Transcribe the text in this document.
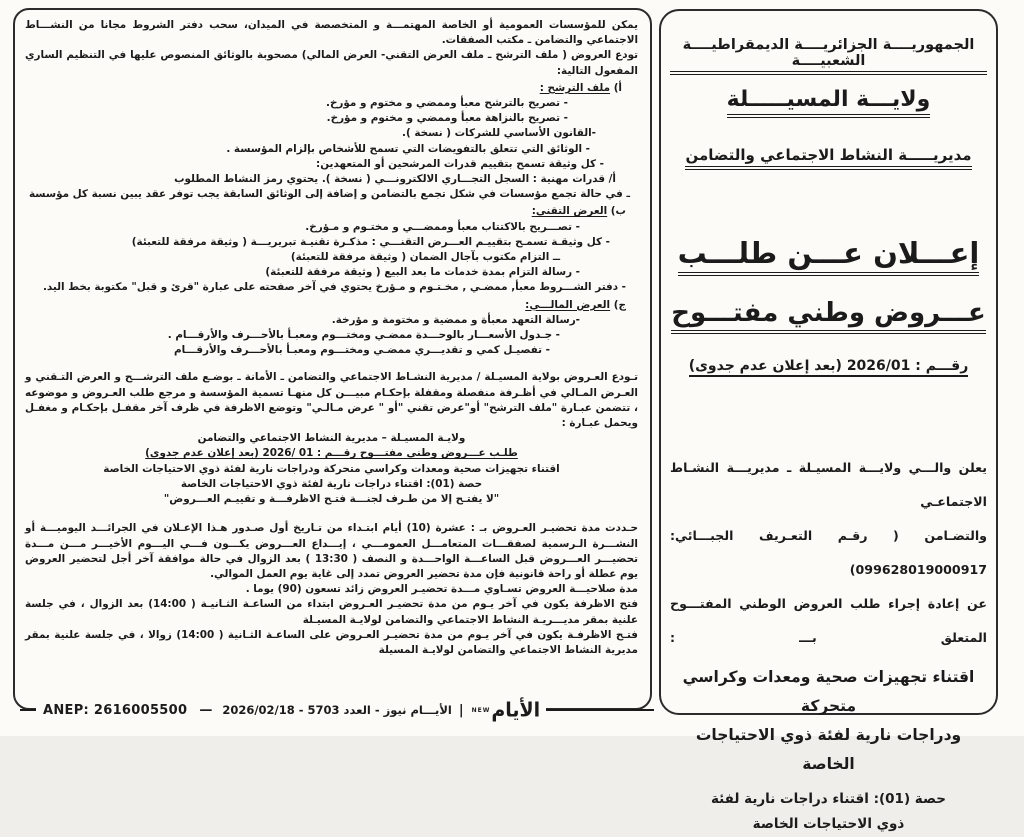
يمكن للمؤسسات العمومية أو الخاصة المهتمـــة و المتخصصة في الميدان، سحب دفتر الشروط مجانا من النشـــاط الاجتماعي والتضامن ـ مكتب الصفقات.
تودع العروض ( ملف الترشح ـ ملف العرض التقني- العرض المالي) مصحوبة بالوثائق المنصوص عليها في التنظيم الساري المفعول التالية:
أ) ملف الترشح :
- تصريح بالترشح معبأ وممضي و مختوم و مؤرخ.
- تصريح بالنزاهة معبأ وممضي و مختوم و مؤرخ.
-القانون الأساسي للشركات ( نسخة ).
- الوثائق التي تتعلق بالتفويضات التي تسمح للأشخاص بإلزام المؤسسة .
- كل وثيقة تسمح بتقييم قدرات المرشحين أو المتعهدين:
أ/ قدرات مهنية : السجل التجـــاري الالكترونـــي ( نسخة ). يحتوي رمز النشاط المطلوب
ـ في حالة تجمع مؤسسات في شكل تجمع بالتضامن و إضافة إلى الوثائق السابقة يجب توفر عقد يبين نسبة كل مؤسسة
ب) العرض التقني:
- تصـــريح بالاكتتاب معبأ وممضـــي و مختـوم و مـؤرخ.
- كل وثيقـة تسمـح بتقييـم العـــرض التقنـــي : مذكـرة تقنيـة تبريريـــة ( وثيقة مرفقة للتعبئة)
ــ التزام مكتوب بآجال الضمان ( وثيقة مرفقة للتعبئة)
- رسالة التزام بمدة خدمات ما بعد البيع ( وثيقة مرفقة للتعبئة)
- دفتر الشـــروط معبأ, ممضـي , مخـتـوم و مـؤرخ يحتوي في آخر صفحته على عبارة "قرئ و قبل" مكتوبة بخط اليد.
ج) العرض المالـــي:
-رسالة التعهد معبأة و ممضية و مختومة و مؤرخة.
- جـدول الأسعـــار بالوحـــدة ممضـي ومختـــوم ومعبـأ بالأحـــرف والأرقـــام .
- تفصيـل كمي و تقديـــري ممضـي ومختـــوم ومعبـأ بالأحـــرف والأرقـــام
تـودع العـروض بولاية المسيـلة / مديرية النشـاط الاجتماعي والتضامن ـ الأمانة ـ بوضـع ملف الترشـــح و العرض التـقني و العـرض المـالي في أظـرفة منفصلة ومقفلة بإحكـام مبيـــن كل منهـا تسمية المؤسسة و مرجع طلب العـروض و موضوعه ، تتضمن عبـارة "ملف الترشح" أو"عرض تقني "أو " عرض مـالـي" وتوضع الاظرفة في ظرف آخر مقفـل بإحكـام و مغفـل ويحمل عبـارة :
ولايـة المسيـلة – مديرية النشاط الاجتماعي والتضامن
طلـب عـــروض وطني مفتـــوح رقـــم : 01 /2026 (بعد إعلان عدم جدوى)
اقتناء تجهيزات صحية ومعدات وكراسي متحركة ودراجات نارية لفئة ذوي الاحتياجات الخاصة
حصة (01): اقتناء دراجات نارية لفئة ذوي الاحتياجات الخاصة
"لا يفتـح إلا من طـرف لجنـــة فتـح الاظرفـــة و تقييـم العـــروض"
حـددت مدة تحضيـر العـروض بـ : عشرة (10) أيام ابتـداء من تـاريخ أول صـدور هـذا الإعـلان في الجرائـــد اليوميـــة أو النشـــرة الـرسمية لصفقـــات المتعامـــل العمومـــي ، إيـــداع العـــروض يكـــون فـــي اليـــوم الأخيـــر مـــن مـــدة تحضيـــر العـــروض قبل الساعـــة الواحـــدة و النصف ( 13:30 ) بعد الزوال في حالة موافقة آخر أجل لتحضير العروض يوم عطلة أو راحة قانونية فإن مدة تحضير العروض تمدد إلى غاية يوم العمل الموالي.
مدة صلاحيـــة العروض تسـاوي مـــدة تحضيـر العروض زائد تسعون (90) يوما .
فتح الاظرفة يكون في آخر يـوم من مدة تحضيـر العـروض ابتداء من الساعـة الثـانيـة ( 14:00) بعد الزوال ، في جلسة علنية بمقر مديـــريـة النشاط الاجتماعي والتضامن لولايـة المسيـلة
فتـح الاظرفـة يكون في آخر يـوم من مدة تحضيـر العـروض على الساعـة الثـانية ( 14:00) زوالا ، في جلسة علنية بمقر مديرية النشاط الاجتماعي والتضامن لولايـة المسيلة
الجمهوريــــة الجزائريــــة الديمقراطيــــة الشعبيــــة
ولايـــة المسيـــــلة
مديريـــــة النشاط الاجتماعي والتضامن
إعـــلان عـــن طلـــب
عـــروض وطني مفتـــوح
رقـــم : 2026/01 (بعد إعلان عدم جدوى)
يعلن والـــي ولايـــة المسيـلة ـ مديريـــة النشـاط الاجتماعـي
والتضـامن ( رقـم التعـريف الجبـــائي: 099628019000917)
عن إعادة إجراء طلب العروض الوطني المفتـــوح المتعلق بـــ :
اقتناء تجهيزات صحية ومعدات وكراسي متحركة
ودراجات نارية لفئة ذوي الاحتياجات الخاصة
حصة (01): اقتناء دراجات نارية لفئة
ذوي الاحتياجات الخاصة
ANEP: 2616005500 — الأيـــام نيوز - العدد 5703 - 2026/02/18 |	NEW الأيام
